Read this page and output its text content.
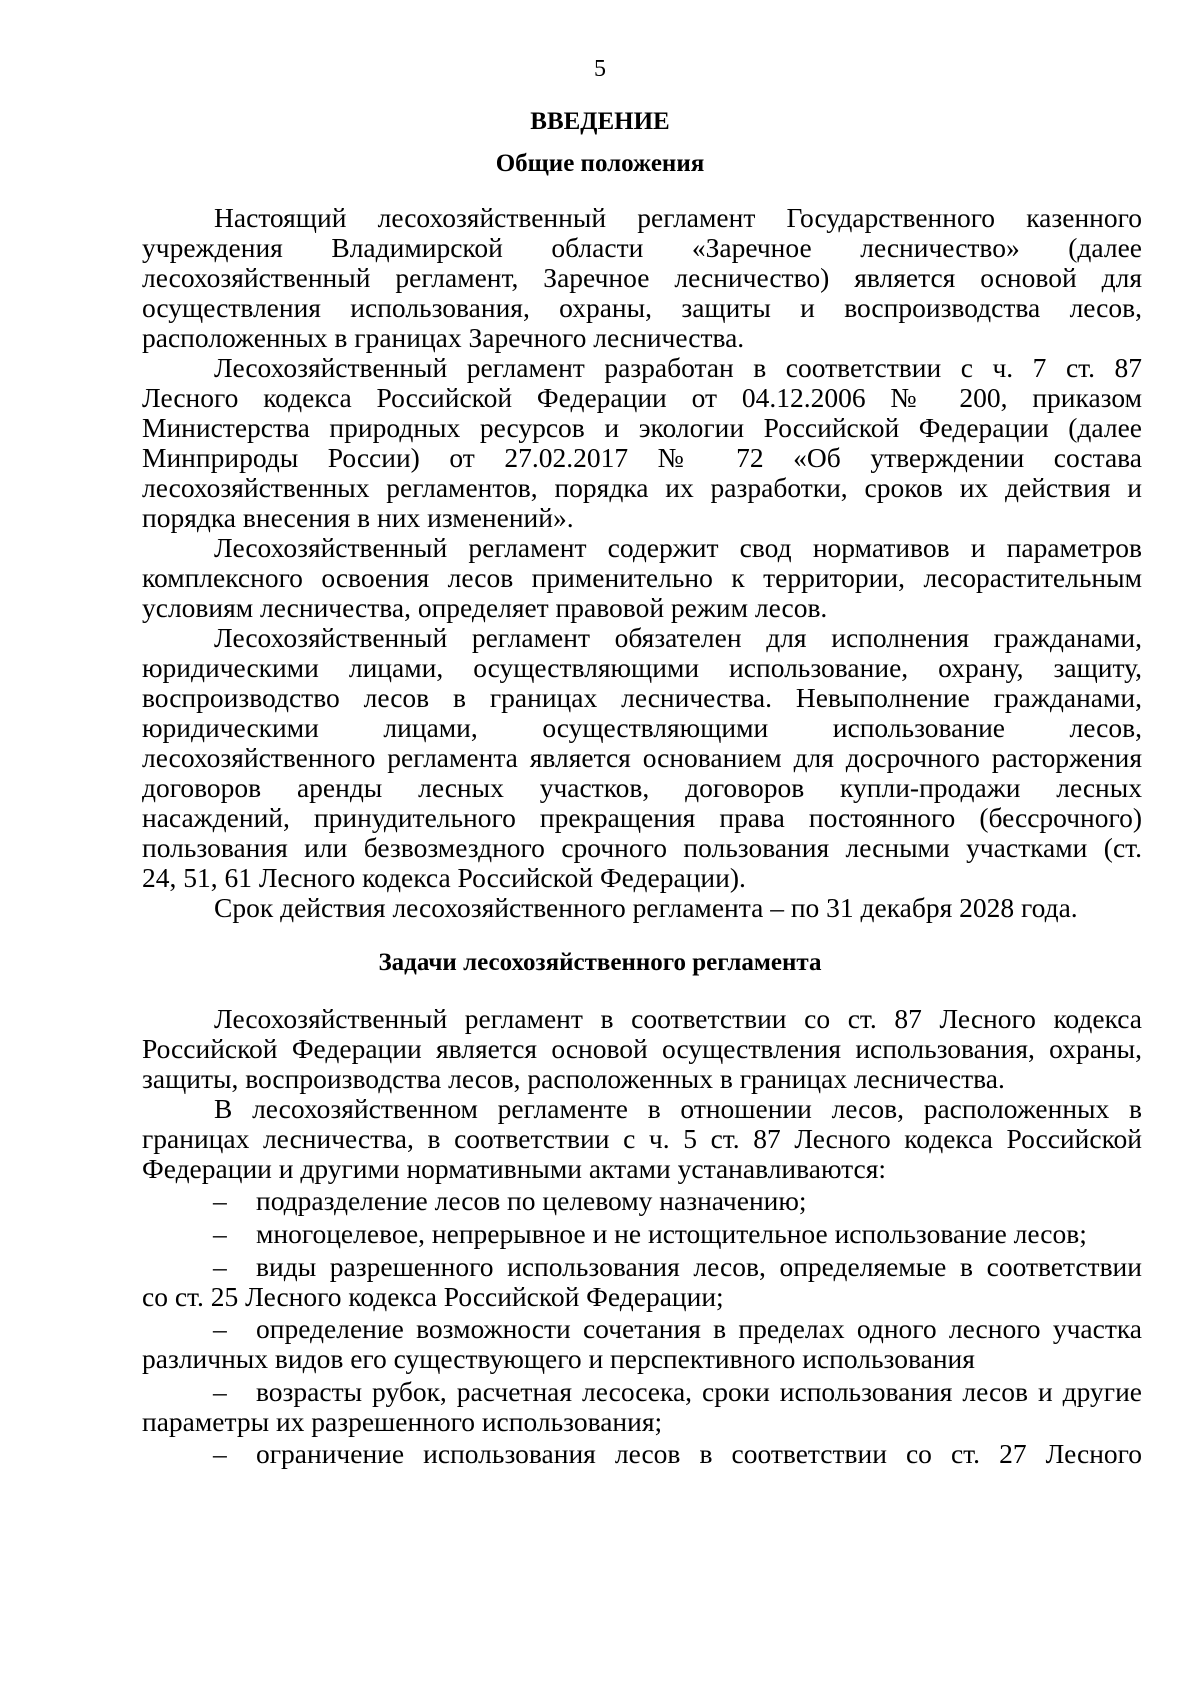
5
ВВЕДЕНИЕ
Общие положения
Настоящий лесохозяйственный регламент Государственного казенного
учреждения Владимирской области «Заречное лесничество» (далее
лесохозяйственный регламент, Заречное лесничество) является основой для
осуществления использования, охраны, защиты и воспроизводства лесов,
расположенных в границах Заречного лесничества.
Лесохозяйственный регламент разработан в соответствии с ч. 7 ст. 87
Лесного кодекса Российской Федерации от 04.12.2006 № 200, приказом
Министерства природных ресурсов и экологии Российской Федерации (далее
Минприроды России) от 27.02.2017 № 72 «Об утверждении состава
лесохозяйственных регламентов, порядка их разработки, сроков их действия и
порядка внесения в них изменений».
Лесохозяйственный регламент содержит свод нормативов и параметров
комплексного освоения лесов применительно к территории, лесорастительным
условиям лесничества, определяет правовой режим лесов.
Лесохозяйственный регламент обязателен для исполнения гражданами,
юридическими лицами, осуществляющими использование, охрану, защиту,
воспроизводство лесов в границах лесничества. Невыполнение гражданами,
юридическими лицами, осуществляющими использование лесов,
лесохозяйственного регламента является основанием для досрочного расторжения
договоров аренды лесных участков, договоров купли-продажи лесных
насаждений, принудительного прекращения права постоянного (бессрочного)
пользования или безвозмездного срочного пользования лесными участками (ст.
24, 51, 61 Лесного кодекса Российской Федерации).
Срок действия лесохозяйственного регламента – по 31 декабря 2028 года.
Задачи лесохозяйственного регламента
Лесохозяйственный регламент в соответствии со ст. 87 Лесного кодекса
Российской Федерации является основой осуществления использования, охраны,
защиты, воспроизводства лесов, расположенных в границах лесничества.
В лесохозяйственном регламенте в отношении лесов, расположенных в
границах лесничества, в соответствии с ч. 5 ст. 87 Лесного кодекса Российской
Федерации и другими нормативными актами устанавливаются:
–	подразделение лесов по целевому назначению;
–	многоцелевое, непрерывное и не истощительное использование лесов;
–	виды разрешенного использования лесов, определяемые в соответствии
со ст. 25 Лесного кодекса Российской Федерации;
–	определение возможности сочетания в пределах одного лесного участка
различных видов его существующего и перспективного использования
–	возрасты рубок, расчетная лесосека, сроки использования лесов и другие
параметры их разрешенного использования;
–	ограничение использования лесов в соответствии со ст. 27 Лесного
